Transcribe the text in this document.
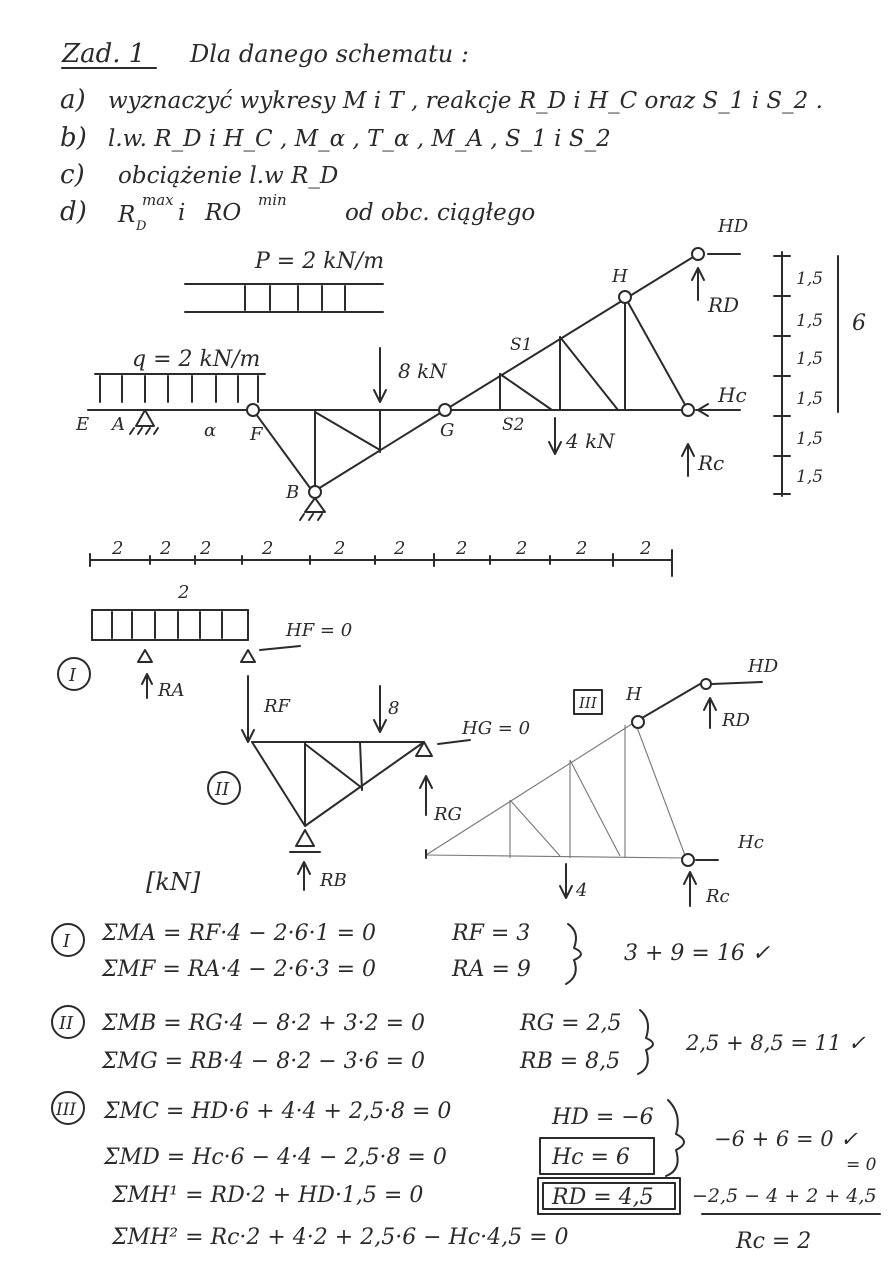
Zad. 1 Dla danego schematu :
a) wyznaczyć wykresy M i T , reakcje R_D i H_C oraz S_1 i S_2 .
b) l.w. R_D i H_C , M_α , T_α , M_A , S_1 i S_2
c) obciążenie l.w R_D
d) R D
max i RO min	od obc. ciągłego
P = 2 kN/m
q = 2 kN/m	8 kN
4 kN
HD
RD
Hc
Rc
E A	α F
B
G
H
S1
S2
1,5
1,5
1,5
1,5
1,5
1,5
6
2 2 2	2	2	2	2	2	2	2
2
HF = 0
I
RA
RF	8
II
RB
HG = 0
RG
[kN]
HD
RD
H
III
Hc
Rc
4
I ΣMA = RF·4 − 2·6·1 = 0
ΣMF = RA·4 − 2·6·3 = 0
RF = 3
RA = 9
3 + 9 = 16 ✓
II ΣMB = RG·4 − 8·2 + 3·2 = 0
ΣMG = RB·4 − 8·2 − 3·6 = 0
RG = 2,5
RB = 8,5
2,5 + 8,5 = 11 ✓
III ΣMC = HD·6 + 4·4 + 2,5·8 = 0
ΣMD = Hc·6 − 4·4 − 2,5·8 = 0
ΣMH¹ = RD·2 + HD·1,5 = 0
ΣMH² = Rc·2 + 4·2 + 2,5·6 − Hc·4,5 = 0
HD = −6
Hc = 6
RD = 4,5
−6 + 6 = 0 ✓
−2,5 − 4 + 2 + 4,5
= 0
Rc = 2
